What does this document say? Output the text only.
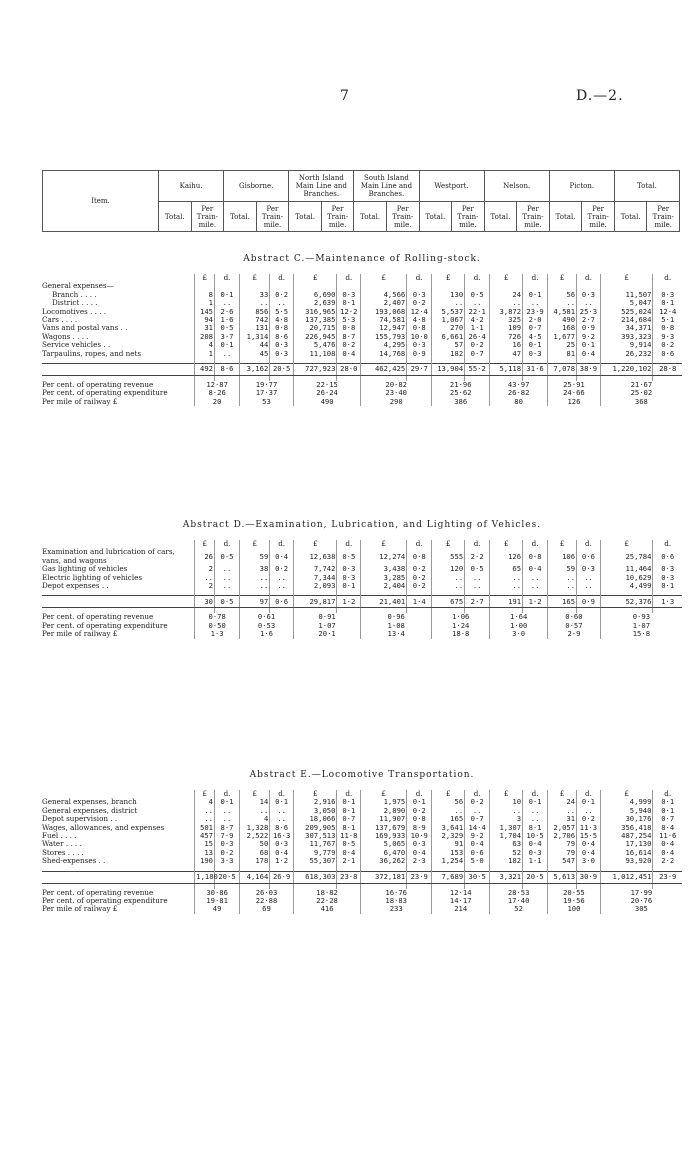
7	D.—2.
Item.	Kaihu.		Gisborne.		North Island Main Line and Branches.		South Island Main Line and Branches.		Westport.		Nelson.		Picton.		Total.	
	Total.	Per Train-mile.	Total.	Per Train-mile.	Total.	Per Train-mile.	Total.	Per Train-mile.	Total.	Per Train-mile.	Total.	Per Train-mile.	Total.	Per Train-mile.	Total.	Per Train-mile.
Abstract C.—Maintenance of Rolling-stock.
	£	d.	£	d.	£	d.	£	d.	£	d.	£	d.	£	d.	£	d.
General expenses—																
Branch . . . .	8	0·1	33	0·2	6,690	0·3	4,566	0·3	130	0·5	24	0·1	56	0·3	11,507	0·3
District . . . .	1	..	..	..	2,639	0·1	2,407	0·2	..	..	..	..	..	..	5,047	0·1
Locomotives . . . .	145	2·6	856	5·5	316,965	12·2	193,068	12·4	5,537	22·1	3,872	23·9	4,581	25·3	525,024	12·4
Cars . . . .	94	1·6	742	4·8	137,385	5·3	74,581	4·8	1,067	4·2	325	2·0	490	2·7	214,684	5·1
Vans and postal vans . .	31	0·5	131	0·8	20,715	0·8	12,947	0·8	270	1·1	109	0·7	168	0·9	34,371	0·8
Wagons . . . .	208	3·7	1,314	8·6	226,945	8·7	155,793	10·0	6,661	26·4	726	4·5	1,677	9·2	393,323	9·3
Service vehicles . .	4	0·1	44	0·3	5,476	0·2	4,295	0·3	57	0·2	16	0·1	25	0·1	9,914	0·2
Tarpaulins, ropes, and nets	1	..	45	0·3	11,108	0·4	14,768	0·9	182	0·7	47	0·3	81	0·4	26,232	0·6

	492	8·6	3,162	20·5	727,923	28·0	462,425	29·7	13,904	55·2	5,118	31·6	7,078	38·9	1,220,102	28·8

Per cent. of operating revenue	12·87		19·77		22·15		20·82		21·96		43·97		25·91		21·67	
Per cent. of operating expenditure	8·26		17·37		26·24		23·40		25·62		26·82		24·66		25·02	
Per mile of railway £	20		53		490		290		386		80		126		368	
Abstract D.—Examination, Lubrication, and Lighting of Vehicles.
	£	d.	£	d.	£	d.	£	d.	£	d.	£	d.	£	d.	£	d.
Examination and lubrication of cars, vans, and wagons	26	0·5	59	0·4	12,638	0·5	12,274	0·8	555	2·2	126	0·8	106	0·6	25,784	0·6
Gas lighting of vehicles	2	..	38	0·2	7,742	0·3	3,438	0·2	120	0·5	65	0·4	59	0·3	11,464	0·3
Electric lighting of vehicles	..	..	..	..	7,344	0·3	3,285	0·2	..	..	..	..	..	..	10,629	0·3
Depot expenses . .	2	..	..	..	2,093	0·1	2,404	0·2	..	..	..	..	..	..	4,499	0·1

	30	0·5	97	0·6	29,817	1·2	21,401	1·4	675	2·7	191	1·2	165	0·9	52,376	1·3

Per cent. of operating revenue	0·78		0·61		0·91		0·96		1·06		1·64		0·60		0·93	
Per cent. of operating expenditure	0·50		0·53		1·07		1·08		1·24		1·00		0·57		1·07	
Per mile of railway £	1·3		1·6		20·1		13·4		18·8		3·0		2·9		15·8	
Abstract E.—Locomotive Transportation.
	£	d.	£	d.	£	d.	£	d.	£	d.	£	d.	£	d.	£	d.
General expenses, branch	4	0·1	14	0·1	2,916	0·1	1,975	0·1	56	0·2	10	0·1	24	0·1	4,999	0·1
General expenses, district	..	..	..	..	3,050	0·1	2,890	0·2	..	..	..	..	..	..	5,940	0·1
Depot supervision . .	..	..	4	..	18,066	0·7	11,907	0·8	165	0·7	3	..	31	0·2	30,176	0·7
Wages, allowances, and expenses	501	8·7	1,328	8·6	209,905	8·1	137,679	8·9	3,641	14·4	1,307	8·1	2,057	11·3	356,418	8·4
Fuel . . . .	457	7·9	2,522	16·3	307,513	11·8	169,933	10·9	2,329	9·2	1,704	10·5	2,706	15·5	487,254	11·6
Water . . . .	15	0·3	50	0·3	11,767	0·5	5,065	0·3	91	0·4	63	0·4	79	0·4	17,130	0·4
Stores . . . .	13	0·2	68	0·4	9,779	0·4	6,470	0·4	153	0·6	52	0·3	79	0·4	16,614	0·4
Shed-expenses . .	190	3·3	178	1·2	55,307	2·1	36,262	2·3	1,254	5·0	182	1·1	547	3·0	93,920	2·2

	1,180	20·5	4,164	26·9	618,303	23·8	372,181	23·9	7,689	30·5	3,321	20·5	5,613	30·9	1,012,451	23·9

Per cent. of operating revenue	30·86		26·03		18·82		16·76		12·14		28·53		20·55		17·99	
Per cent. of operating expenditure	19·81		22·88		22·28		18·83		14·17		17·40		19·56		20·76	
Per mile of railway £	49		69		416		233		214		52		100		305	
